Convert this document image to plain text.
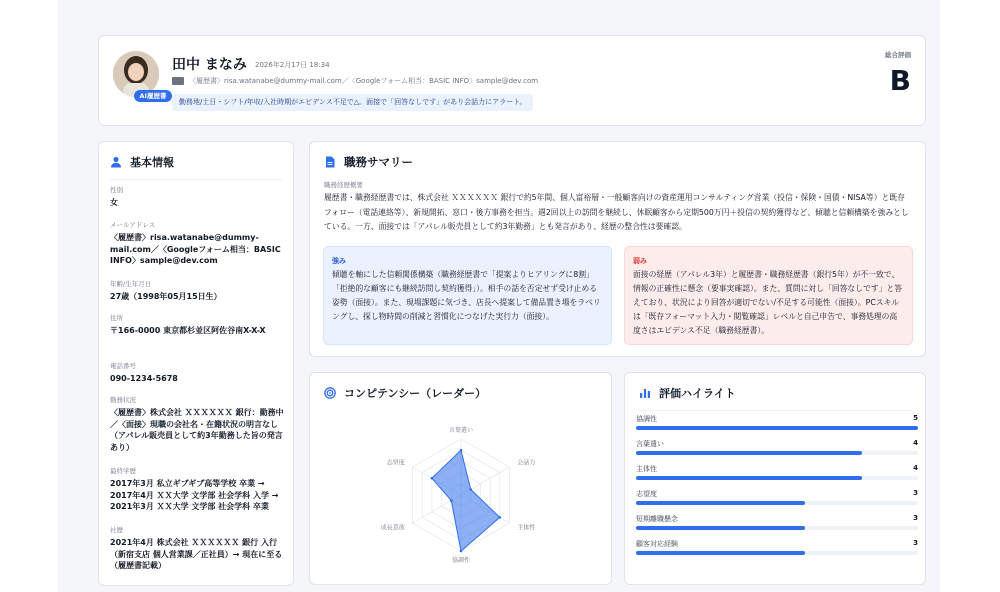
田中 まなみ 2026年2月17日 18:34
〈履歴書〉risa.watanabe@dummy-mail.com／〈Googleフォーム相当：BASIC INFO〉sample@dev.com
勤務地/土日・シフト/年収/入社時期がエビデンス不足で△。面接で「回答なしです」があり会話力にアラート。
総合評価
B
AI履歴書
基本情報
性別
女
メールアドレス
〈履歴書〉risa.watanabe@dummy-mail.com／〈Googleフォーム相当：BASIC INFO〉sample@dev.com
年齢/生年月日
27歳（1998年05月15日生）
住所
〒166-0000 東京都杉並区阿佐谷南X-X-X
電話番号
090-1234-5678
勤務状況
〈履歴書〉株式会社 ＸＸＸＸＸＸ 銀行：勤務中／〈面接〉現職の会社名・在籍状況の明言なし（アパレル販売員として約3年勤務した旨の発言あり）
最終学歴
2017年3月 私立ギブギブ高等学校 卒業 → 2017年4月 ＸＸ大学 文学部 社会学科 入学 → 2021年3月 ＸＸ大学 文学部 社会学科 卒業
社歴
2021年4月 株式会社 ＸＸＸＸＸＸ 銀行 入行（新宿支店 個人営業課／正社員）→ 現在に至る（履歴書記載）
職務サマリー
職務経歴概要
履歴書・職務経歴書では、株式会社 ＸＸＸＸＸＸ 銀行で約5年間、個人富裕層・一般顧客向けの資産運用コンサルティング営業（投信・保険・国債・NISA等）と既存フォロー（電話連絡等）、新規開拓、窓口・後方事務を担当。週2回以上の訪問を継続し、休眠顧客から定期500万円＋投信の契約獲得など、傾聴と信頼構築を強みとしている。一方、面接では「アパレル販売員として約3年勤務」とも発言があり、経歴の整合性は要確認。
強み
傾聴を軸にした信頼関係構築（職務経歴書で「提案よりヒアリングに8割」「拒絶的な顧客にも継続訪問し契約獲得」）。相手の話を否定せず受け止める姿勢（面接）。また、現場課題に気づき、店長へ提案して備品置き場をラベリングし、探し物時間の削減と習慣化につなげた実行力（面接）。
弱み
面接の経歴（アパレル3年）と履歴書・職務経歴書（銀行5年）が不一致で、情報の正確性に懸念（要事実確認）。また、質問に対し「回答なしです」と答えており、状況により回答が適切でない/不足する可能性（面接）。PCスキルは「既存フォーマット入力・閲覧確認」レベルと自己申告で、事務処理の高度さはエビデンス不足（職務経歴書）。
コンピテンシー（レーダー）
言葉遣い
会話力
主体性
協調性
成長意欲
志望度
評価ハイライト
協調性	5
言葉遣い	4
主体性	4
志望度	3
短期離職懸念	3
顧客対応経験	3
